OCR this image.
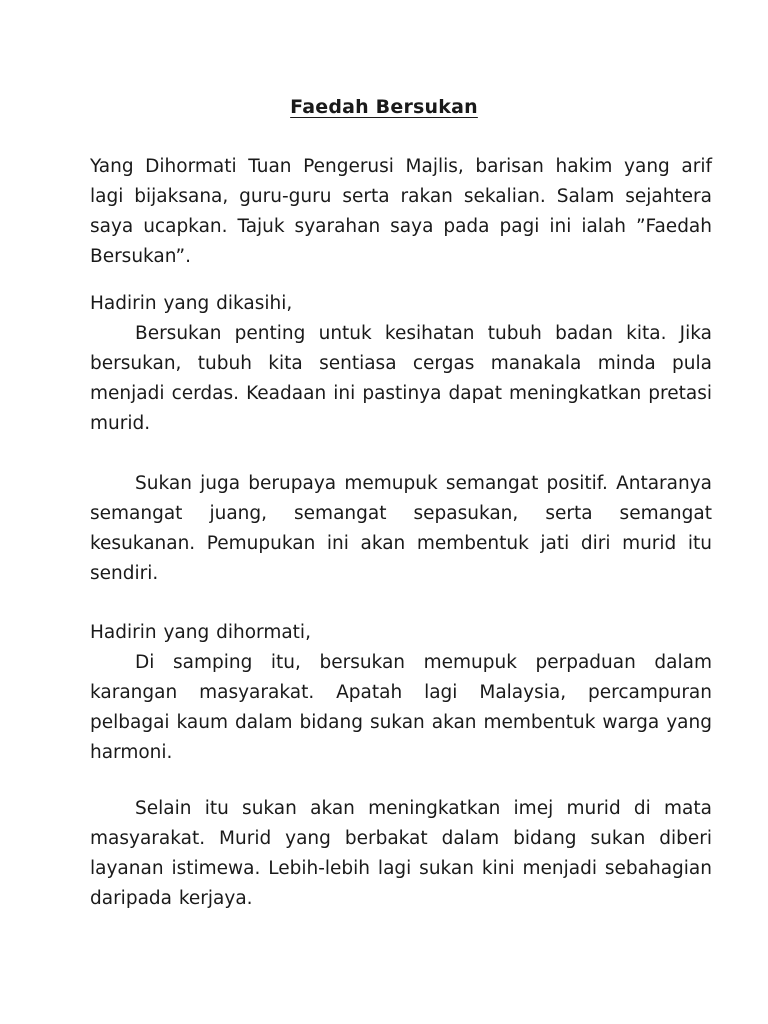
Faedah Bersukan

Yang Dihormati Tuan Pengerusi Majlis, barisan hakim yang arif lagi bijaksana, guru-guru serta rakan sekalian. Salam sejahtera saya ucapkan. Tajuk syarahan saya pada pagi ini ialah ”Faedah Bersukan”.

Hadirin yang dikasihi,

Bersukan penting untuk kesihatan tubuh badan kita. Jika bersukan, tubuh kita sentiasa cergas manakala minda pula menjadi cerdas. Keadaan ini pastinya dapat meningkatkan pretasi murid.

Sukan juga berupaya memupuk semangat positif. Antaranya semangat juang, semangat sepasukan, serta semangat kesukanan. Pemupukan ini akan membentuk jati diri murid itu sendiri.

Hadirin yang dihormati,

Di samping itu, bersukan memupuk perpaduan dalam karangan masyarakat. Apatah lagi Malaysia, percampuran pelbagai kaum dalam bidang sukan akan membentuk warga yang harmoni.

Selain itu sukan akan meningkatkan imej murid di mata masyarakat. Murid yang berbakat dalam bidang sukan diberi layanan istimewa. Lebih-lebih lagi sukan kini menjadi sebahagian daripada kerjaya.
